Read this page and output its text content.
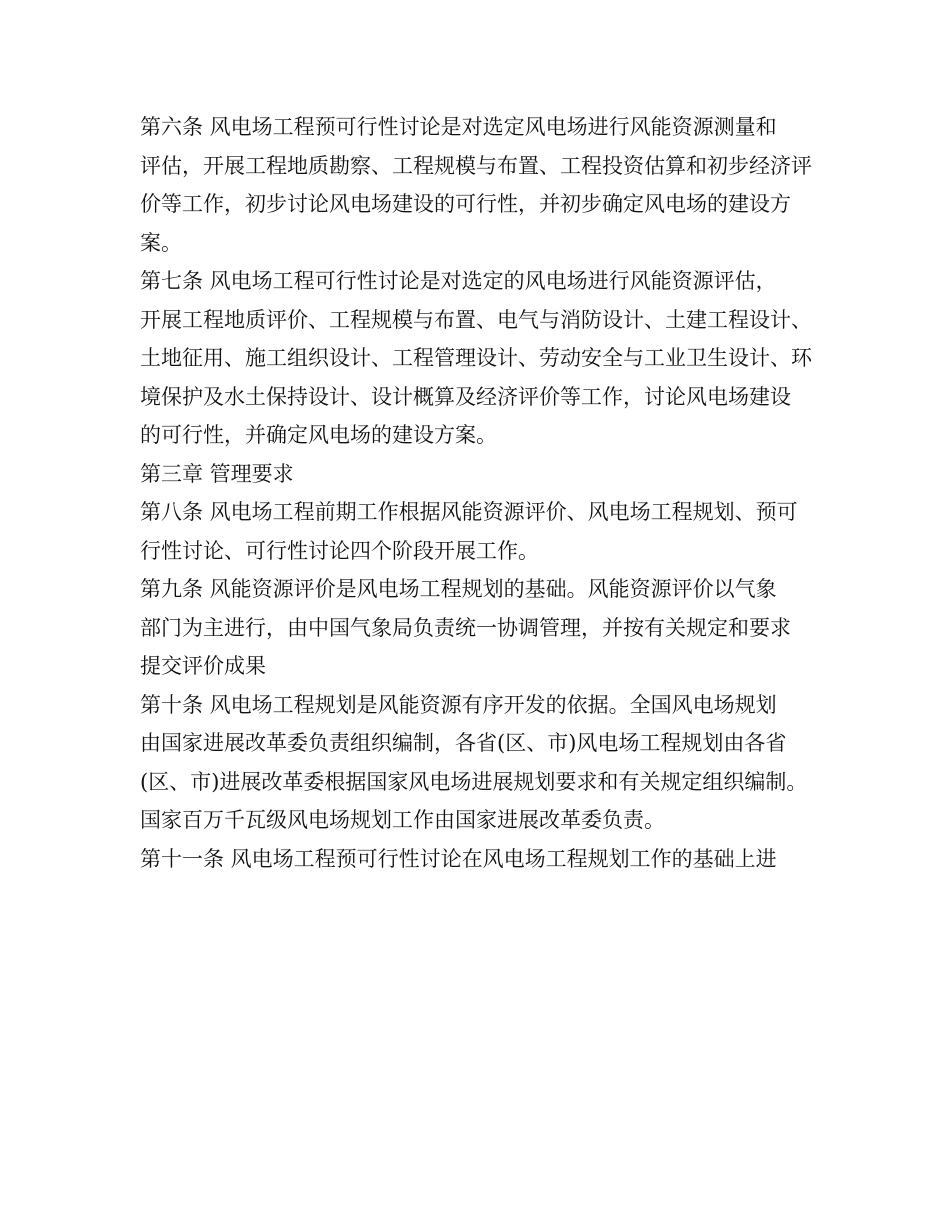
第六条 风电场工程预可行性讨论是对选定风电场进行风能资源测量和
评估，开展工程地质勘察、工程规模与布置、工程投资估算和初步经济评
价等工作，初步讨论风电场建设的可行性，并初步确定风电场的建设方
案。
第七条 风电场工程可行性讨论是对选定的风电场进行风能资源评估，
开展工程地质评价、工程规模与布置、电气与消防设计、土建工程设计、
土地征用、施工组织设计、工程管理设计、劳动安全与工业卫生设计、环
境保护及水土保持设计、设计概算及经济评价等工作，讨论风电场建设
的可行性，并确定风电场的建设方案。
第三章 管理要求
第八条 风电场工程前期工作根据风能资源评价、风电场工程规划、预可
行性讨论、可行性讨论四个阶段开展工作。
第九条 风能资源评价是风电场工程规划的基础。风能资源评价以气象
部门为主进行，由中国气象局负责统一协调管理，并按有关规定和要求
提交评价成果
第十条 风电场工程规划是风能资源有序开发的依据。全国风电场规划
由国家进展改革委负责组织编制，各省(区、市)风电场工程规划由各省
(区、市)进展改革委根据国家风电场进展规划要求和有关规定组织编制。
国家百万千瓦级风电场规划工作由国家进展改革委负责。
第十一条 风电场工程预可行性讨论在风电场工程规划工作的基础上进
